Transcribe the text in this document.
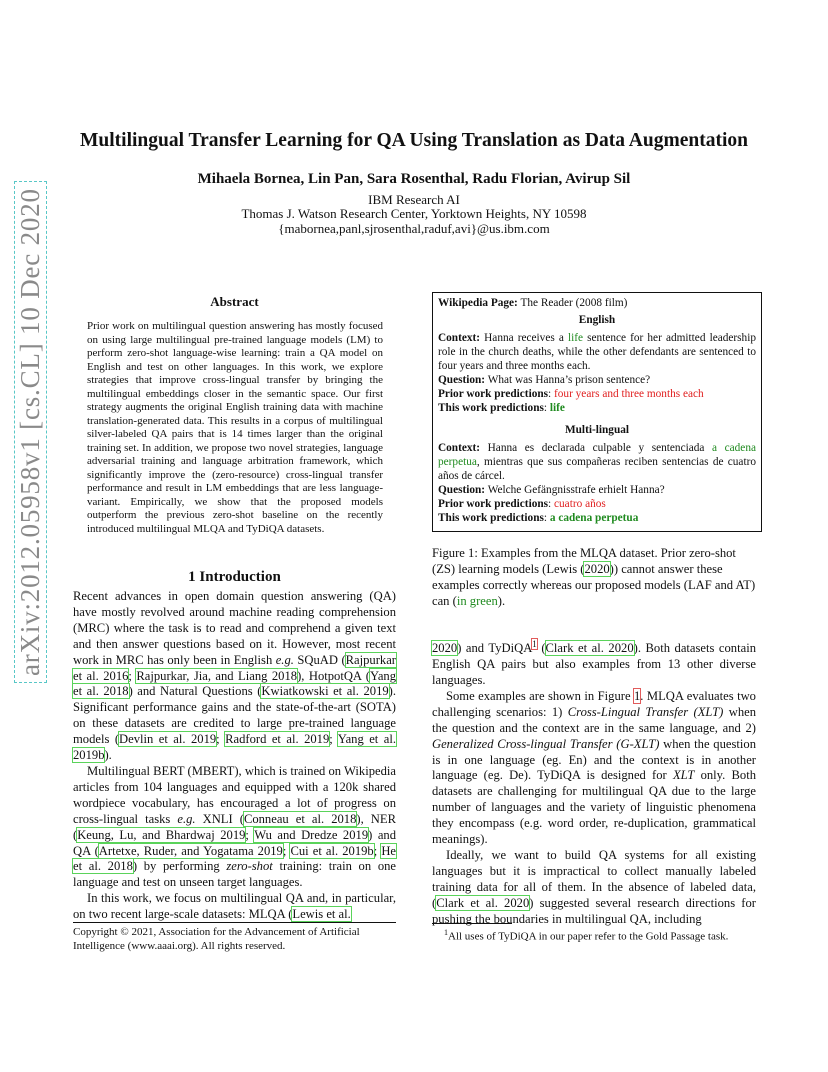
arXiv:2012.05958v1 [cs.CL] 10 Dec 2020
Multilingual Transfer Learning for QA Using Translation as Data Augmentation
Mihaela Bornea, Lin Pan, Sara Rosenthal, Radu Florian, Avirup Sil
IBM Research AI
Thomas J. Watson Research Center, Yorktown Heights, NY 10598
{mabornea,panl,sjrosenthal,raduf,avi}@us.ibm.com
Abstract

Prior work on multilingual question answering has mostly focused on using large multilingual pre-trained language models (LM) to perform zero-shot language-wise learning: train a QA model on English and test on other languages. In this work, we explore strategies that improve cross-lingual transfer by bringing the multilingual embeddings closer in the semantic space. Our first strategy augments the original English training data with machine translation-generated data. This results in a corpus of multilingual silver-labeled QA pairs that is 14 times larger than the original training set. In addition, we propose two novel strategies, language adversarial training and language arbitration framework, which significantly improve the (zero-resource) cross-lingual transfer performance and result in LM embeddings that are less language-variant. Empirically, we show that the proposed models outperform the previous zero-shot baseline on the recently introduced multilingual MLQA and TyDiQA datasets.

1 Introduction

Recent advances in open domain question answering (QA) have mostly revolved around machine reading comprehension (MRC) where the task is to read and comprehend a given text and then answer questions based on it. However, most recent work in MRC has only been in English e.g. SQuAD (Rajpurkar et al. 2016; Rajpurkar, Jia, and Liang 2018), HotpotQA (Yang et al. 2018) and Natural Questions (Kwiatkowski et al. 2019). Significant performance gains and the state-of-the-art (SOTA) on these datasets are credited to large pre-trained language models (Devlin et al. 2019; Radford et al. 2019; Yang et al. 2019b).

Multilingual BERT (MBERT), which is trained on Wikipedia articles from 104 languages and equipped with a 120k shared wordpiece vocabulary, has encouraged a lot of progress on cross-lingual tasks e.g. XNLI (Conneau et al. 2018), NER (Keung, Lu, and Bhardwaj 2019; Wu and Dredze 2019) and QA (Artetxe, Ruder, and Yogatama 2019; Cui et al. 2019b; He et al. 2018) by performing zero-shot training: train on one language and test on unseen target languages.

In this work, we focus on multilingual QA and, in particular, on two recent large-scale datasets: MLQA (Lewis et al.

Wikipedia Page: The Reader (2008 film)

English

Context: Hanna receives a life sentence for her admitted leadership role in the church deaths, while the other defendants are sentenced to four years and three months each.

Question: What was Hanna’s prison sentence?

Prior work predictions: four years and three months each

This work predictions: life

Multi-lingual

Context: Hanna es declarada culpable y sentenciada a cadena perpetua, mientras que sus compañeras reciben sentencias de cuatro años de cárcel.

Question: Welche Gefängnisstrafe erhielt Hanna?

Prior work predictions: cuatro años

This work predictions: a cadena perpetua

Figure 1: Examples from the MLQA dataset. Prior zero-shot (ZS) learning models (Lewis (2020)) cannot answer these examples correctly whereas our proposed models (LAF and AT) can (in green).

2020) and TyDiQA$^1$ (Clark et al. 2020). Both datasets contain English QA pairs but also examples from 13 other diverse languages.

Some examples are shown in Figure 1. MLQA evaluates two challenging scenarios: 1) Cross-Lingual Transfer (XLT) when the question and the context are in the same language, and 2) Generalized Cross-lingual Transfer (G-XLT) when the question is in one language (eg. En) and the context is in another language (eg. De). TyDiQA is designed for XLT only. Both datasets are challenging for multilingual QA due to the large number of languages and the variety of linguistic phenomena they encompass (e.g. word order, re-duplication, grammatical meanings).

Ideally, we want to build QA systems for all existing languages but it is impractical to collect manually labeled training data for all of them. In the absence of labeled data, (Clark et al. 2020) suggested several research directions for pushing the boundaries in multilingual QA, including

Copyright © 2021, Association for the Advancement of Artificial Intelligence (www.aaai.org). All rights reserved.
$^1$All uses of TyDiQA in our paper refer to the Gold Passage task.
